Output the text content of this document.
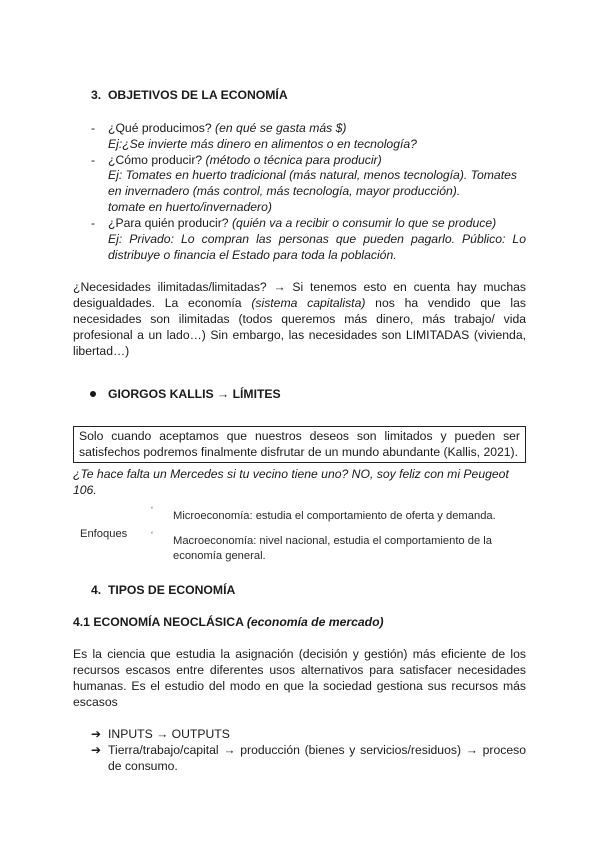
3. OBJETIVOS DE LA ECONOMÍA
- ¿Qué producimos? (en qué se gasta más $)
Ej:¿Se invierte más dinero en alimentos o en tecnología?
- ¿Cómo producir? (método o técnica para producir)
Ej: Tomates en huerto tradicional (más natural, menos tecnología). Tomates
en invernadero (más control, más tecnología, mayor producción).
tomate en huerto/invernadero)
- ¿Para quién producir? (quién va a recibir o consumir lo que se produce)
Ej: Privado: Lo compran las personas que pueden pagarlo. Público: Lo
distribuye o financia el Estado para toda la población.
¿Necesidades ilimitadas/limitadas? → Si tenemos esto en cuenta hay muchas
desigualdades. La economía (sistema capitalista) nos ha vendido que las
necesidades son ilimitadas (todos queremos más dinero, más trabajo/ vida
profesional a un lado…) Sin embargo, las necesidades son LIMITADAS (vivienda,
libertad…)
GIORGOS KALLIS → LÍMITES
Solo cuando aceptamos que nuestros deseos son limitados y pueden ser
satisfechos podremos finalmente disfrutar de un mundo abundante (Kallis, 2021).
¿Te hace falta un Mercedes si tu vecino tiene uno? NO, soy feliz con mi Peugeot
106.
Enfoques
‘
‘
Microeconomía: estudia el comportamiento de oferta y demanda.
Macroeconomía: nivel nacional, estudia el comportamiento de la
economía general.
4. TIPOS DE ECONOMÍA
4.1 ECONOMÍA NEOCLÁSICA (economía de mercado)
Es la ciencia que estudia la asignación (decisión y gestión) más eficiente de los
recursos escasos entre diferentes usos alternativos para satisfacer necesidades
humanas. Es el estudio del modo en que la sociedad gestiona sus recursos más
escasos
➔ INPUTS → OUTPUTS
➔ Tierra/trabajo/capital → producción (bienes y servicios/residuos) → proceso
de consumo.
